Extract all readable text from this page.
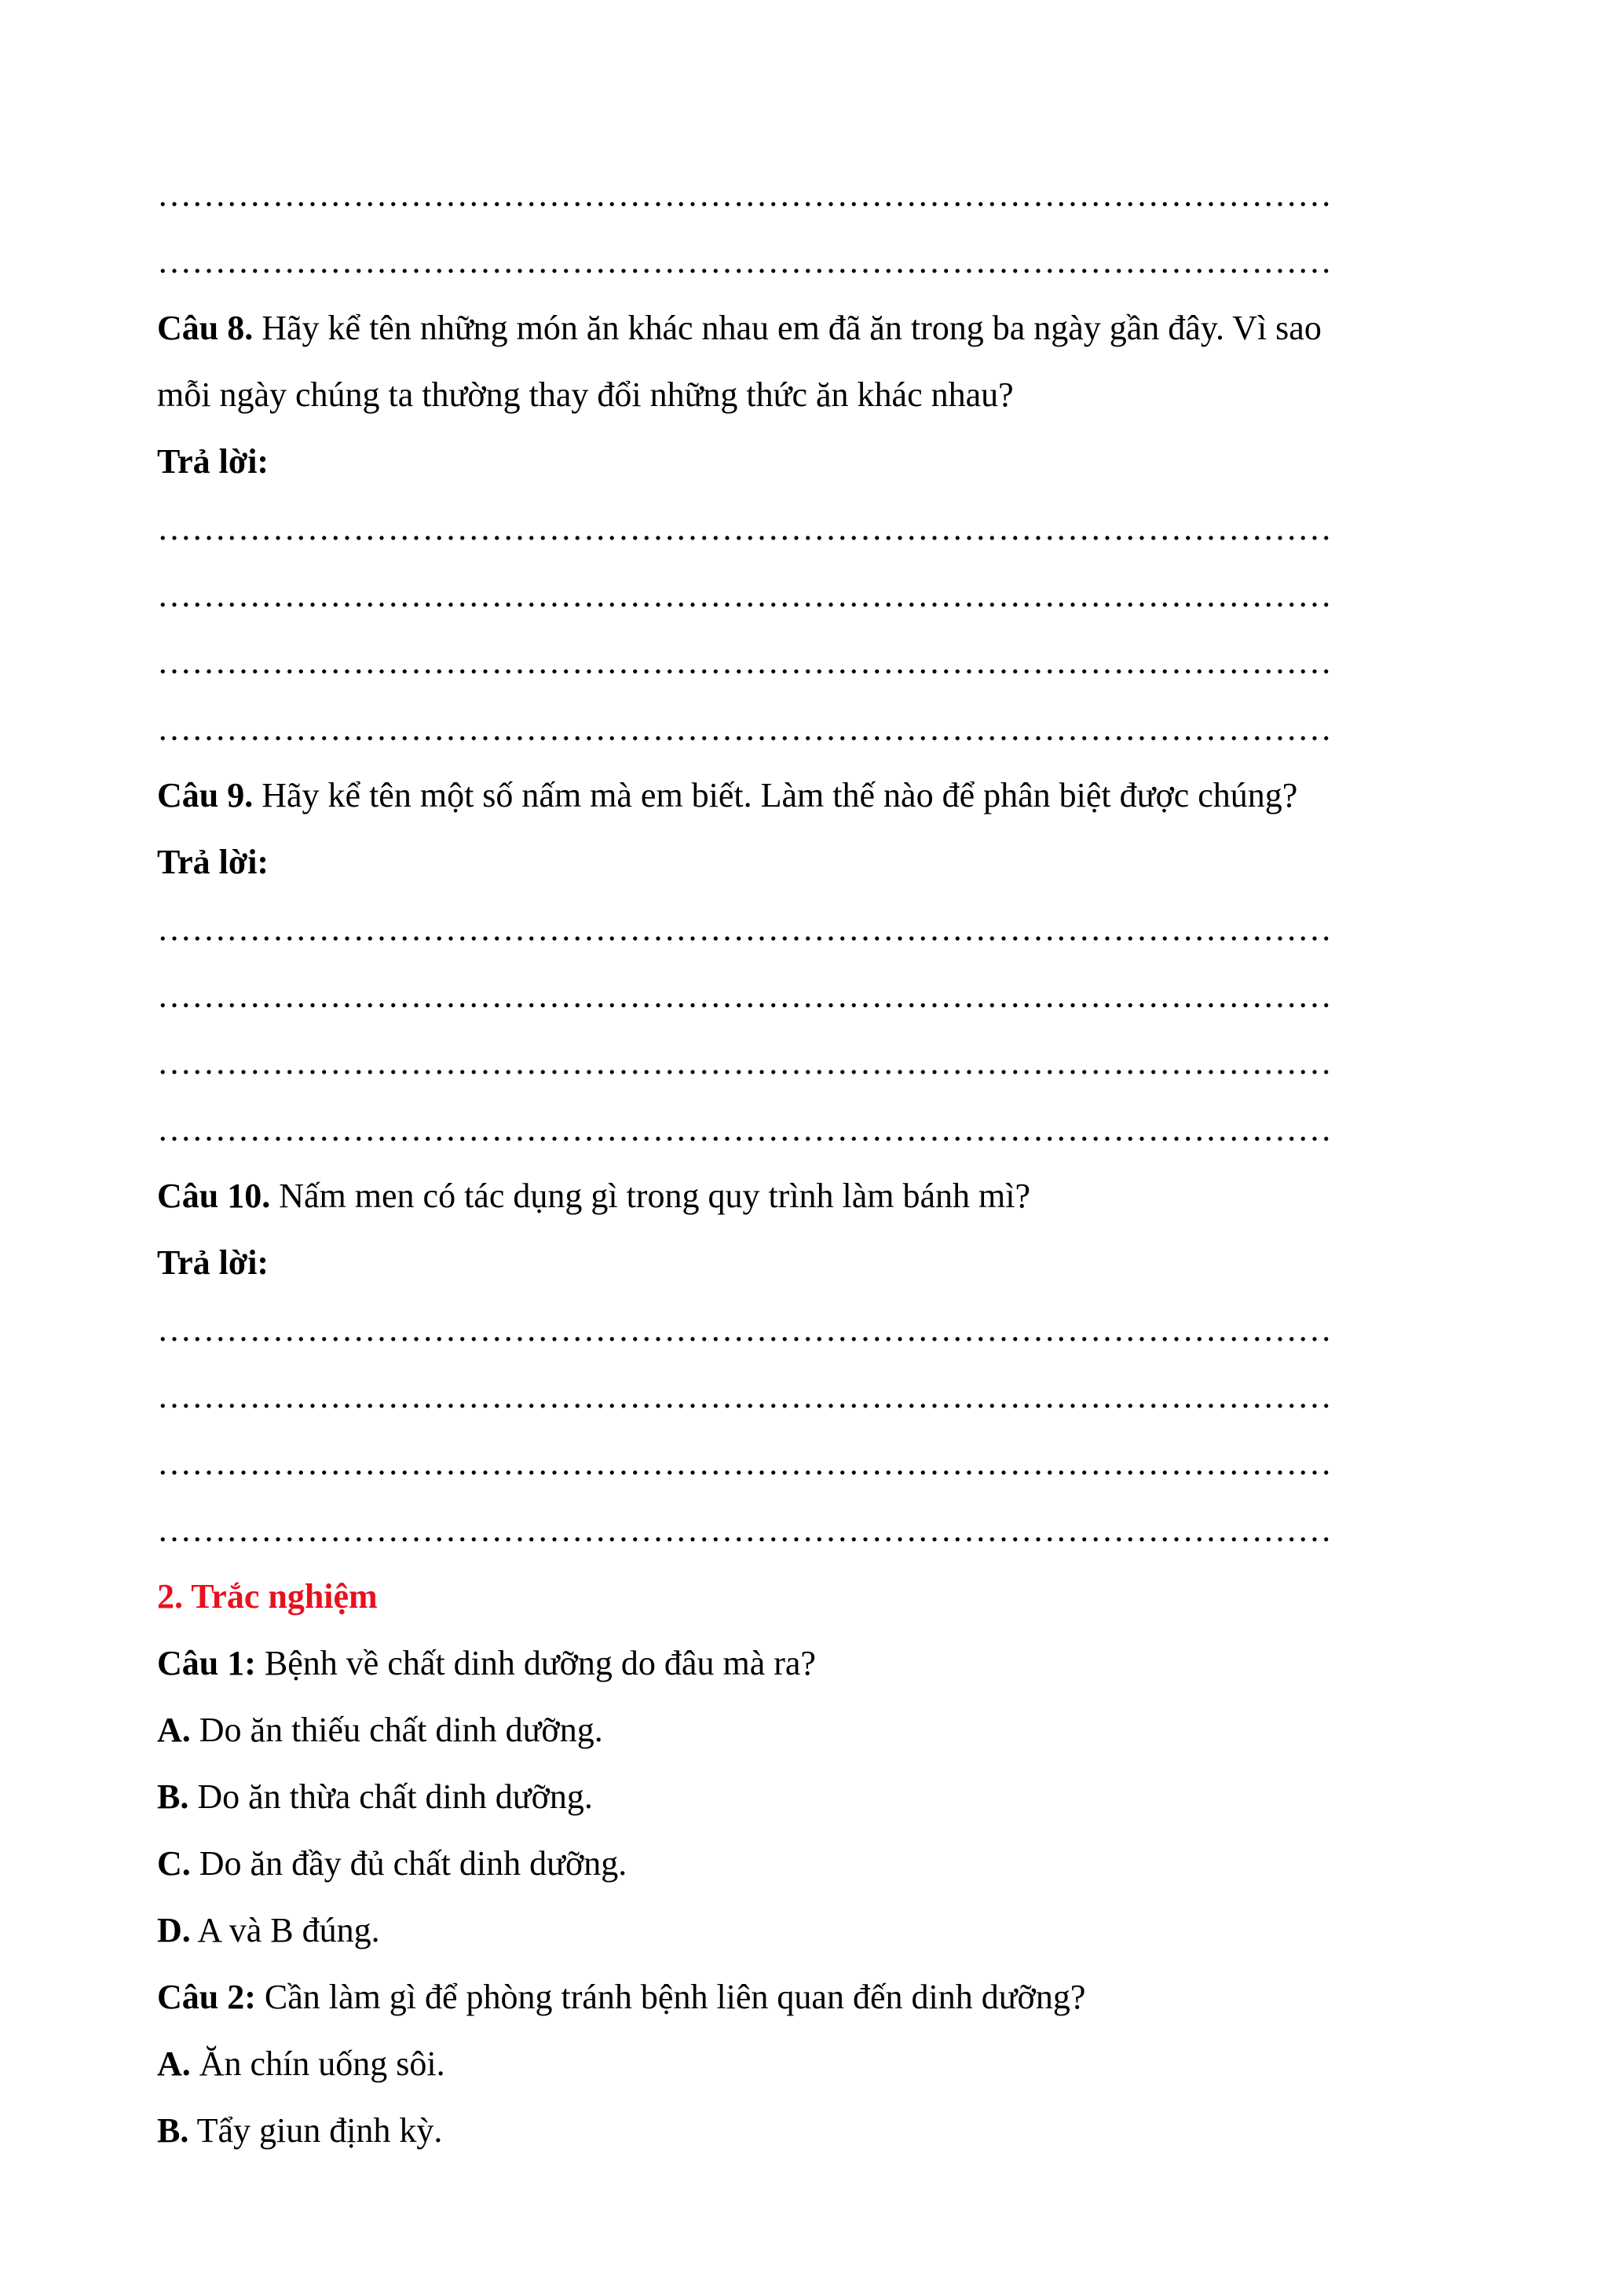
…………………………………………………………………………………………
…………………………………………………………………………………………
Câu 8. Hãy kể tên những món ăn khác nhau em đã ăn trong ba ngày gần đây. Vì sao
mỗi ngày chúng ta thường thay đổi những thức ăn khác nhau?
Trả lời:
…………………………………………………………………………………………
…………………………………………………………………………………………
…………………………………………………………………………………………
…………………………………………………………………………………………
Câu 9. Hãy kể tên một số nấm mà em biết. Làm thế nào để phân biệt được chúng?
Trả lời:
…………………………………………………………………………………………
…………………………………………………………………………………………
…………………………………………………………………………………………
…………………………………………………………………………………………
Câu 10. Nấm men có tác dụng gì trong quy trình làm bánh mì?
Trả lời:
…………………………………………………………………………………………
…………………………………………………………………………………………
…………………………………………………………………………………………
…………………………………………………………………………………………
2. Trắc nghiệm
Câu 1: Bệnh về chất dinh dưỡng do đâu mà ra?
A. Do ăn thiếu chất dinh dưỡng.
B. Do ăn thừa chất dinh dưỡng.
C. Do ăn đầy đủ chất dinh dưỡng.
D. A và B đúng.
Câu 2: Cần làm gì để phòng tránh bệnh liên quan đến dinh dưỡng?
A. Ăn chín uống sôi.
B. Tẩy giun định kỳ.
